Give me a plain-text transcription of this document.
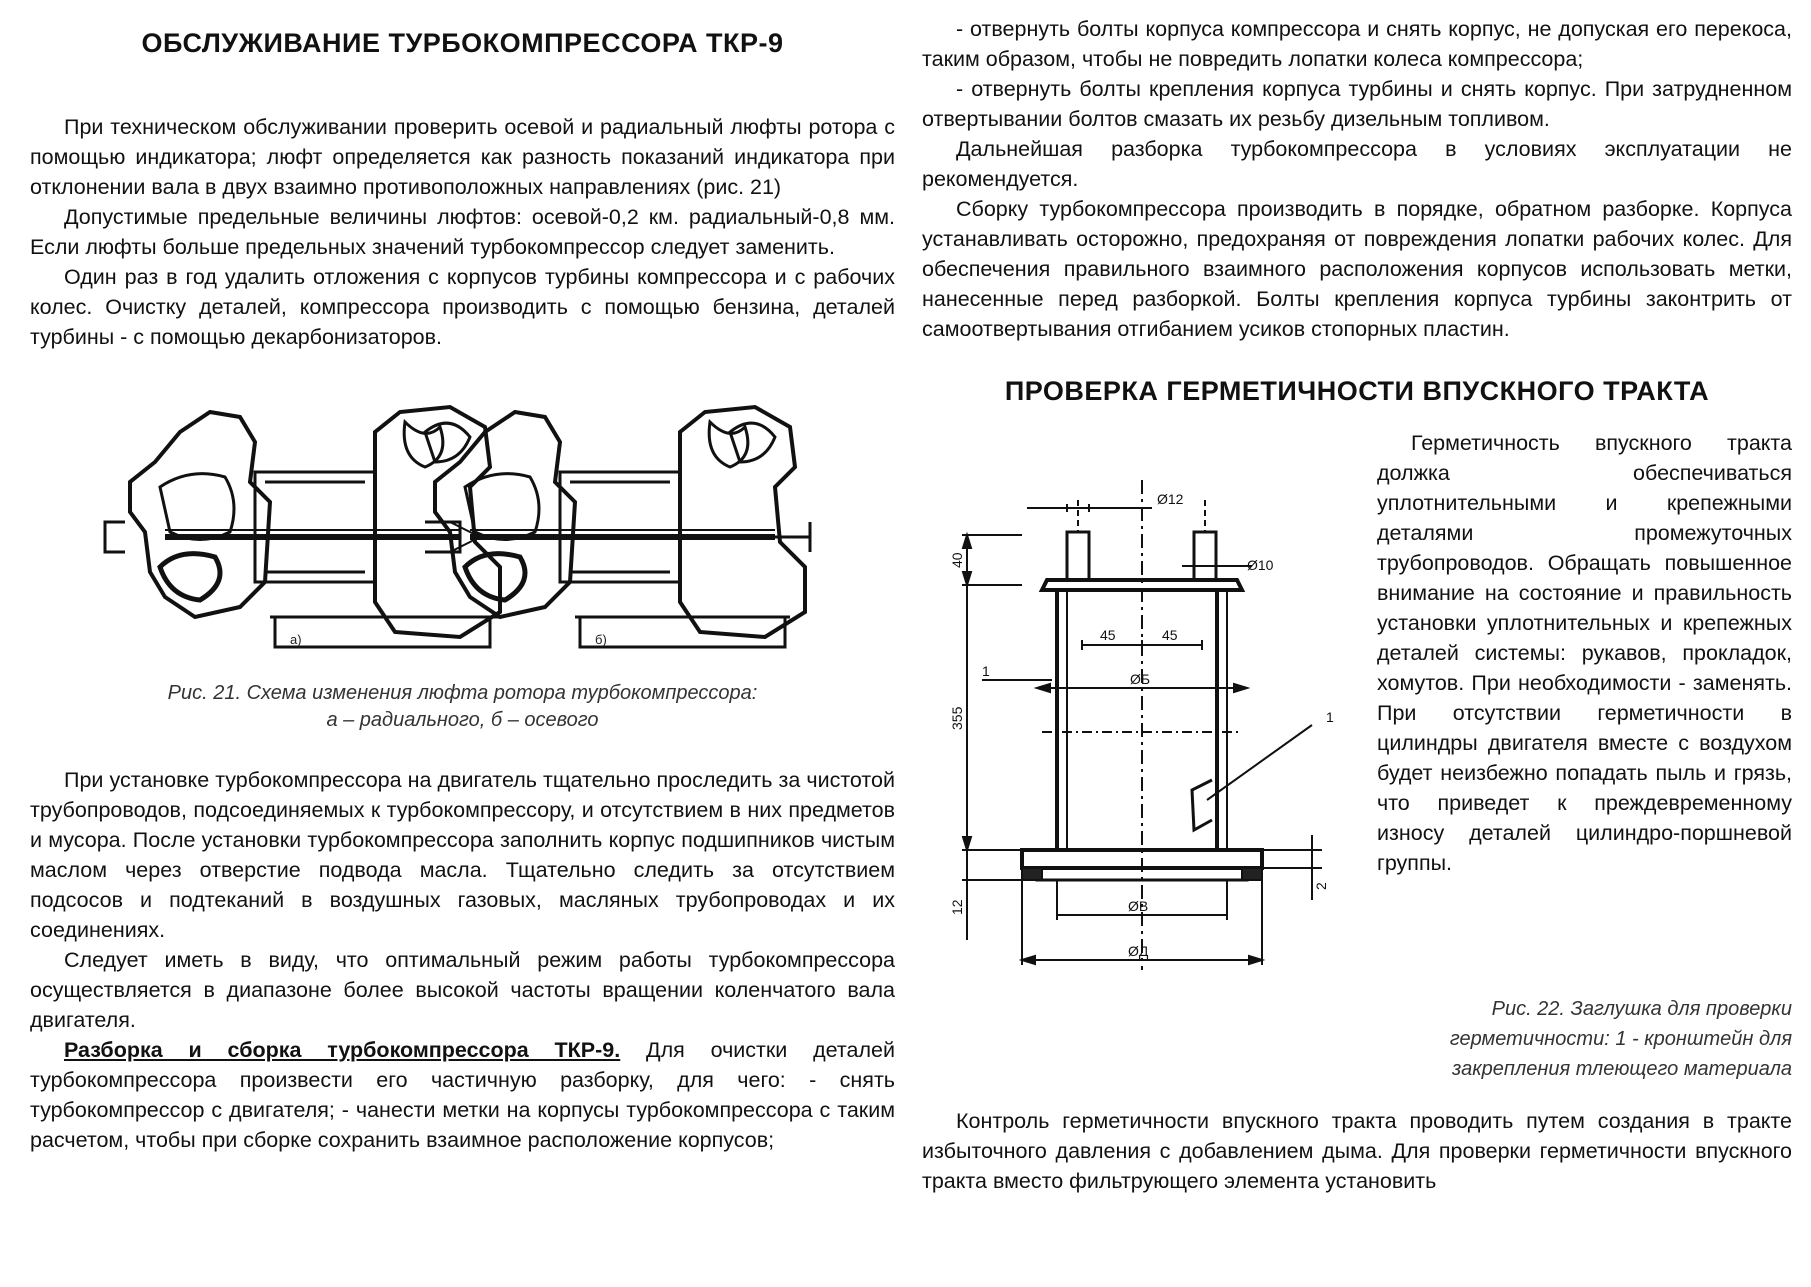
ОБСЛУЖИВАНИЕ ТУРБОКОМПРЕССОРА ТКР-9

При техническом обслуживании проверить осевой и радиальный люфты ротора с помощью индикатора; люфт определяется как разность показаний индикатора при отклонении вала в двух взаимно противоположных направлениях (рис. 21)

Допустимые предельные величины люфтов: осевой-0,2 км. радиальный-0,8 мм. Если люфты больше предельных значений турбокомпрессор следует заменить.

Один раз в год удалить отложения с корпусов турбины компрессора и с рабочих колес. Очистку деталей, компрессора производить с помощью бензина, деталей турбины - с помощью декарбонизаторов.

а)	б)
Рис. 21. Схема изменения люфта ротора турбокомпрессора:
а – радиального, б – осевого

При установке турбокомпрессора на двигатель тщательно проследить за чистотой трубопроводов, подсоединяемых к турбокомпрессору, и отсутствием в них предметов и мусора. После установки турбокомпрессора заполнить корпус подшипников чистым маслом через отверстие подвода масла. Тщательно следить за отсутствием подсосов и подтеканий в воздушных газовых, масляных трубопроводах и их соединениях.

Следует иметь в виду, что оптимальный режим работы турбокомпрессора осуществляется в диапазоне более высокой частоты вращении коленчатого вала двигателя.

Разборка и сборка турбокомпрессора ТКР-9. Для очистки деталей турбокомпрессора произвести его частичную разборку, для чего: - снять турбокомпрессор с двигателя; - чанести метки на корпусы турбокомпрессора с таким расчетом, чтобы при сборке сохранить взаимное расположение корпусов;

- отвернуть болты корпуса компрессора и снять корпус, не допуская его перекоса, таким образом, чтобы не повредить лопатки колеса компрессора;

- отвернуть болты крепления корпуса турбины и снять корпус. При затрудненном отвертывании болтов смазать их резьбу дизельным топливом.

Дальнейшая разборка турбокомпрессора в условиях эксплуатации не рекомендуется.

Сборку турбокомпрессора производить в порядке, обратном разборке. Корпуса устанавливать осторожно, предохраняя от повреждения лопатки рабочих колес. Для обеспечения правильного взаимного расположения корпусов использовать метки, нанесенные перед разборкой. Болты крепления корпуса турбины законтрить от самоотвертывания отгибанием усиков стопорных пластин.

ПРОВЕРКА ГЕРМЕТИЧНОСТИ ВПУСКНОГО ТРАКТА

Герметичность впускного тракта должка обеспечиваться уплотнительными и крепежными деталями промежуточных трубопроводов. Обращать повышенное внимание на состояние и правильность установки уплотнительных и крепежных деталей системы: рукавов, прокладок, хомутов. При необходимости - заменять. При отсутствии герметичности в цилиндры двигателя вместе с воздухом будет неизбежно попадать пыль и грязь, что приведет к преждевременному износу деталей цилиндро-поршневой группы.

Ø12
Ø10
40
45	45
ØБ
355
1
1
12
2
ØВ
ØД
Рис. 22. Заглушка для проверки
герметичности: 1 - кронштейн для
закрепления тлеющего материала

Контроль герметичности впускного тракта проводить путем создания в тракте избыточного давления с добавлением дыма. Для проверки герметичности впускного тракта вместо фильтрующего элемента установить
